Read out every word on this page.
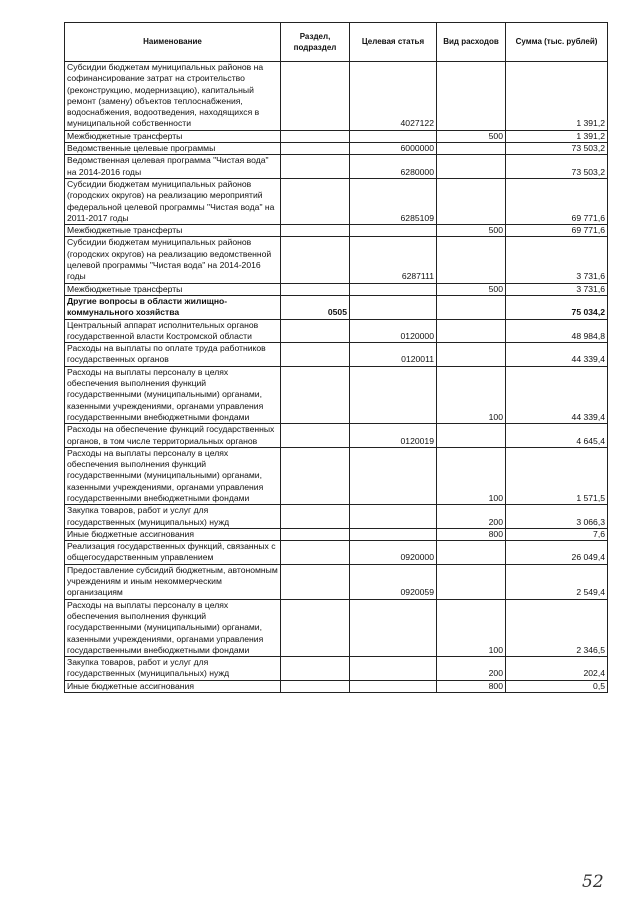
Наименование	Раздел, подраздел	Целевая статья	Вид расходов	Сумма (тыс. рублей)
Субсидии бюджетам муниципальных районов на софинансирование затрат на строительство (реконструкцию, модернизацию), капитальный ремонт (замену) объектов теплоснабжения, водоснабжения, водоотведения, находящихся в муниципальной собственности		4027122		1 391,2
Межбюджетные трансферты			500	1 391,2
Ведомственные целевые программы		6000000		73 503,2
Ведомственная целевая программа "Чистая вода" на 2014-2016 годы		6280000		73 503,2
Субсидии бюджетам муниципальных районов (городских округов) на реализацию мероприятий федеральной целевой программы "Чистая вода" на 2011-2017 годы		6285109		69 771,6
Межбюджетные трансферты			500	69 771,6
Субсидии бюджетам муниципальных районов (городских округов) на реализацию ведомственной целевой программы "Чистая вода" на 2014-2016 годы		6287111		3 731,6
Межбюджетные трансферты			500	3 731,6
Другие вопросы в области жилищно-коммунального хозяйства	0505			75 034,2
Центральный аппарат исполнительных органов государственной власти Костромской области		0120000		48 984,8
Расходы на выплаты по оплате труда работников государственных органов		0120011		44 339,4
Расходы на выплаты персоналу в целях обеспечения выполнения функций государственными (муниципальными) органами, казенными учреждениями, органами управления государственными внебюджетными фондами			100	44 339,4
Расходы на обеспечение функций государственных органов, в том числе территориальных органов		0120019		4 645,4
Расходы на выплаты персоналу в целях обеспечения выполнения функций государственными (муниципальными) органами, казенными учреждениями, органами управления государственными внебюджетными фондами			100	1 571,5
Закупка товаров, работ и услуг для государственных (муниципальных) нужд			200	3 066,3
Иные бюджетные ассигнования			800	7,6
Реализация государственных функций, связанных с общегосударственным управлением		0920000		26 049,4
Предоставление субсидий бюджетным, автономным учреждениям и иным некоммерческим организациям		0920059		2 549,4
Расходы на выплаты персоналу в целях обеспечения выполнения функций государственными (муниципальными) органами, казенными учреждениями, органами управления государственными внебюджетными фондами			100	2 346,5
Закупка товаров, работ и услуг для государственных (муниципальных) нужд			200	202,4
Иные бюджетные ассигнования			800	0,5
52
